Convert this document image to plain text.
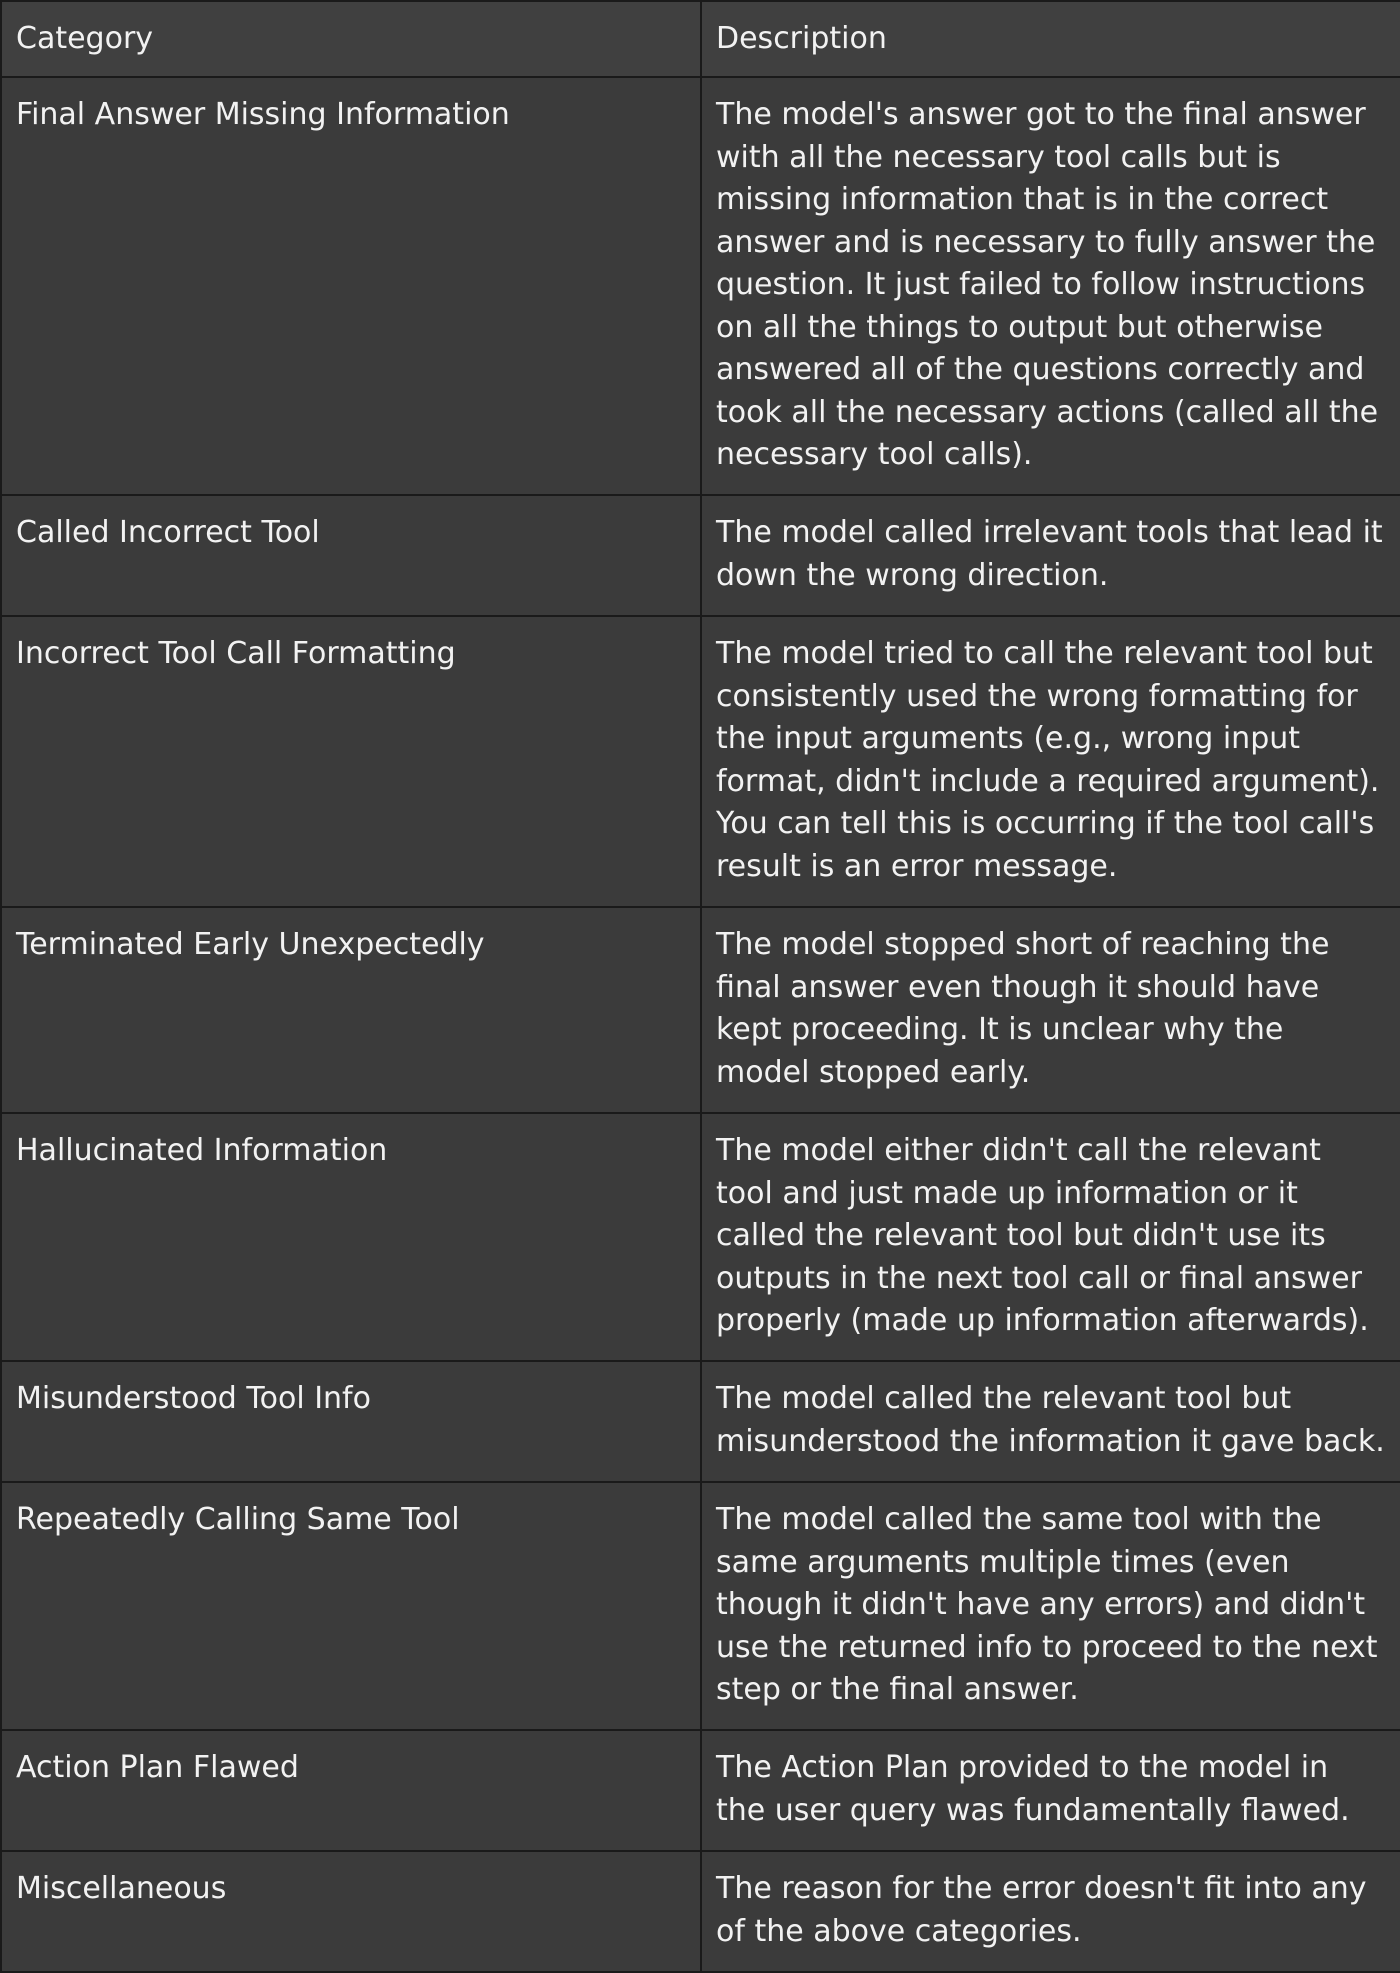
Category	Description
Final Answer Missing Information	The model's answer got to the final answer with all the necessary tool calls but is missing information that is in the correct answer and is necessary to fully answer the question. It just failed to follow instructions on all the things to output but otherwise answered all of the questions correctly and took all the necessary actions (called all the necessary tool calls).
Called Incorrect Tool	The model called irrelevant tools that lead it down the wrong direction.
Incorrect Tool Call Formatting	The model tried to call the relevant tool but consistently used the wrong formatting for the input arguments (e.g., wrong input format, didn't include a required argument). You can tell this is occurring if the tool call's result is an error message.
Terminated Early Unexpectedly	The model stopped short of reaching the final answer even though it should have kept proceeding. It is unclear why the model stopped early.
Hallucinated Information	The model either didn't call the relevant tool and just made up information or it called the relevant tool but didn't use its outputs in the next tool call or final answer properly (made up information afterwards).
Misunderstood Tool Info	The model called the relevant tool but misunderstood the information it gave back.
Repeatedly Calling Same Tool	The model called the same tool with the same arguments multiple times (even though it didn't have any errors) and didn't use the returned info to proceed to the next step or the final answer.
Action Plan Flawed	The Action Plan provided to the model in the user query was fundamentally flawed.
Miscellaneous	The reason for the error doesn't fit into any of the above categories.
